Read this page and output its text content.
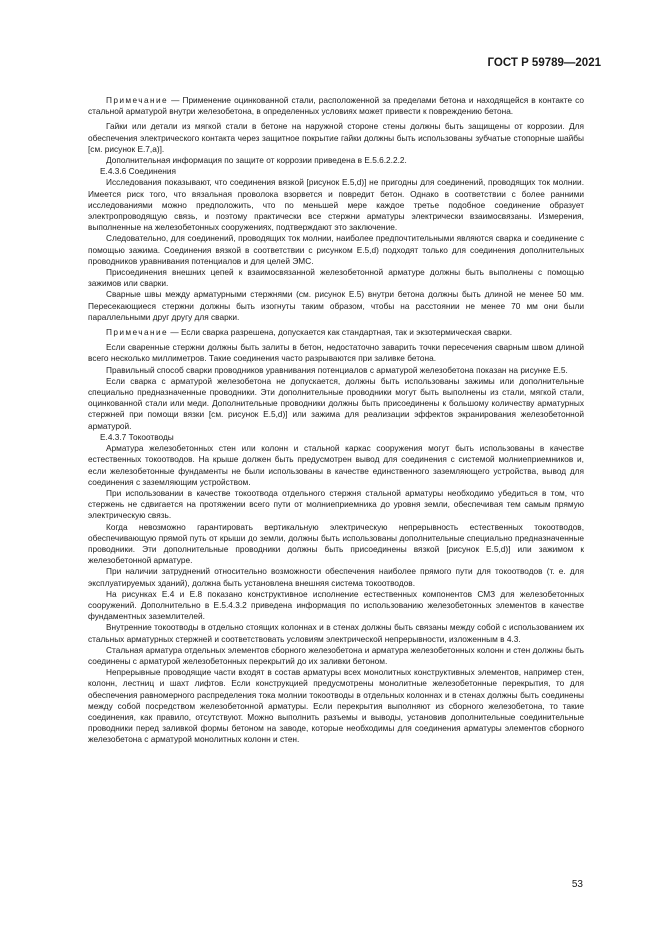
ГОСТ Р 59789—2021

Примечание — Применение оцинкованной стали, расположенной за пределами бетона и находящейся в контакте со стальной арматурой внутри железобетона, в определенных условиях может привести к повреждению бетона.

Гайки или детали из мягкой стали в бетоне на наружной стороне стены должны быть защищены от коррозии. Для обеспечения электрического контакта через защитное покрытие гайки должны быть использованы зубчатые стопорные шайбы [см. рисунок Е.7,а)].

Дополнительная информация по защите от коррозии приведена в Е.5.6.2.2.2.

Е.4.3.6 Соединения

Исследования показывают, что соединения вязкой [рисунок Е.5,d)] не пригодны для соединений, проводящих ток молнии. Имеется риск того, что вязальная проволока взорвется и повредит бетон. Однако в соответствии с более ранними исследованиями можно предположить, что по меньшей мере каждое третье подобное соединение образует электропроводящую связь, и поэтому практически все стержни арматуры электрически взаимосвязаны. Измерения, выполненные на железобетонных сооружениях, подтверждают это заключение.

Следовательно, для соединений, проводящих ток молнии, наиболее предпочтительными являются сварка и соединение с помощью зажима. Соединения вязкой в соответствии с рисунком Е.5,d) подходят только для соединения дополнительных проводников уравнивания потенциалов и для целей ЭМС.

Присоединения внешних цепей к взаимосвязанной железобетонной арматуре должны быть выполнены с помощью зажимов или сварки.

Сварные швы между арматурными стержнями (см. рисунок Е.5) внутри бетона должны быть длиной не менее 50 мм. Пересекающиеся стержни должны быть изогнуты таким образом, чтобы на расстоянии не менее 70 мм они были параллельными друг другу для сварки.

Примечание — Если сварка разрешена, допускается как стандартная, так и экзотермическая сварки.

Если сваренные стержни должны быть залиты в бетон, недостаточно заварить точки пересечения сварным швом длиной всего несколько миллиметров. Такие соединения часто разрываются при заливке бетона.

Правильный способ сварки проводников уравнивания потенциалов с арматурой железобетона показан на рисунке Е.5.

Если сварка с арматурой железобетона не допускается, должны быть использованы зажимы или дополнительные специально предназначенные проводники. Эти дополнительные проводники могут быть выполнены из стали, мягкой стали, оцинкованной стали или меди. Дополнительные проводники должны быть присоединены к большому количеству арматурных стержней при помощи вязки [см. рисунок Е.5,d)] или зажима для реализации эффектов экранирования железобетонной арматурой.

Е.4.3.7 Токоотводы

Арматура железобетонных стен или колонн и стальной каркас сооружения могут быть использованы в качестве естественных токоотводов. На крыше должен быть предусмотрен вывод для соединения с системой молниеприемников и, если железобетонные фундаменты не были использованы в качестве единственного заземляющего устройства, вывод для соединения с заземляющим устройством.

При использовании в качестве токоотвода отдельного стержня стальной арматуры необходимо убедиться в том, что стержень не сдвигается на протяжении всего пути от молниеприемника до уровня земли, обеспечивая тем самым прямую электрическую связь.

Когда невозможно гарантировать вертикальную электрическую непрерывность естественных токоотводов, обеспечивающую прямой путь от крыши до земли, должны быть использованы дополнительные специально предназначенные проводники. Эти дополнительные проводники должны быть присоединены вязкой [рисунок Е.5,d)] или зажимом к железобетонной арматуре.

При наличии затруднений относительно возможности обеспечения наиболее прямого пути для токоотводов (т. е. для эксплуатируемых зданий), должна быть установлена внешняя система токоотводов.

На рисунках Е.4 и Е.8 показано конструктивное исполнение естественных компонентов СМЗ для железобетонных сооружений. Дополнительно в Е.5.4.3.2 приведена информация по использованию железобетонных элементов в качестве фундаментных заземлителей.

Внутренние токоотводы в отдельно стоящих колоннах и в стенах должны быть связаны между собой с использованием их стальных арматурных стержней и соответствовать условиям электрической непрерывности, изложенным в 4.3.

Стальная арматура отдельных элементов сборного железобетона и арматура железобетонных колонн и стен должны быть соединены с арматурой железобетонных перекрытий до их заливки бетоном.

Непрерывные проводящие части входят в состав арматуры всех монолитных конструктивных элементов, например стен, колонн, лестниц и шахт лифтов. Если конструкцией предусмотрены монолитные железобетонные перекрытия, то для обеспечения равномерного распределения тока молнии токоотводы в отдельных колоннах и в стенах должны быть соединены между собой посредством железобетонной арматуры. Если перекрытия выполняют из сборного железобетона, то такие соединения, как правило, отсутствуют. Можно выполнить разъемы и выводы, установив дополнительные соединительные проводники перед заливкой формы бетоном на заводе, которые необходимы для соединения арматуры элементов сборного железобетона с арматурой монолитных колонн и стен.

53
